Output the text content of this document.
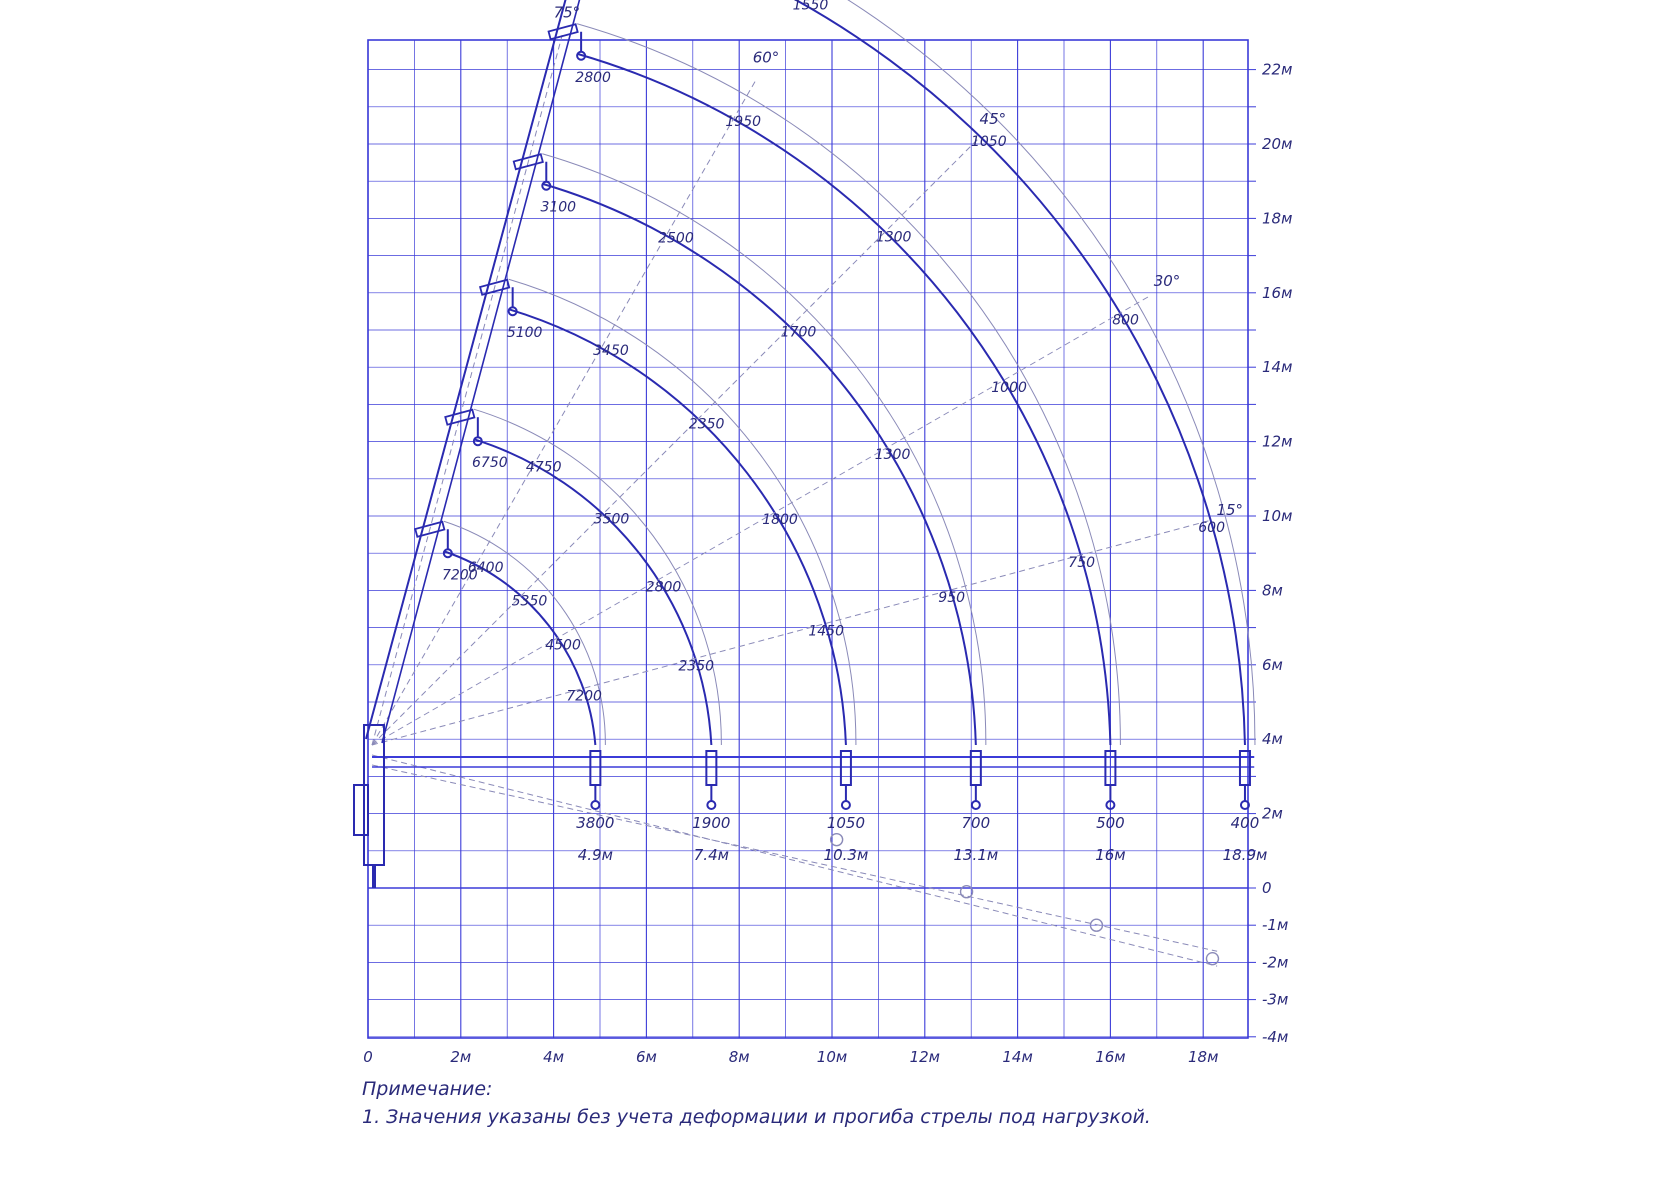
0	2м	4м	6м	8м	10м	12м	14м	16м	18м
-4м
-3м
-2м
-1м
0
2м
4м
6м
8м
10м
12м
14м
16м
18м
20м
22м
3800
4.9м
1900
7.4м
1050
10.3м
700
13.1м
500
16м
400
18.9м
75°
60°
45°
30°
15°
7200
6750
5100
3100
2800
6400
4750
3450
2500
1950
1550
5350
3500
2350
1700
1300
1050
4500
2800
1800
1300
1000
800
7200
2350
1450
950
750
600
Примечание:
1. Значения указаны без учета деформации и прогиба стрелы под нагрузкой.
